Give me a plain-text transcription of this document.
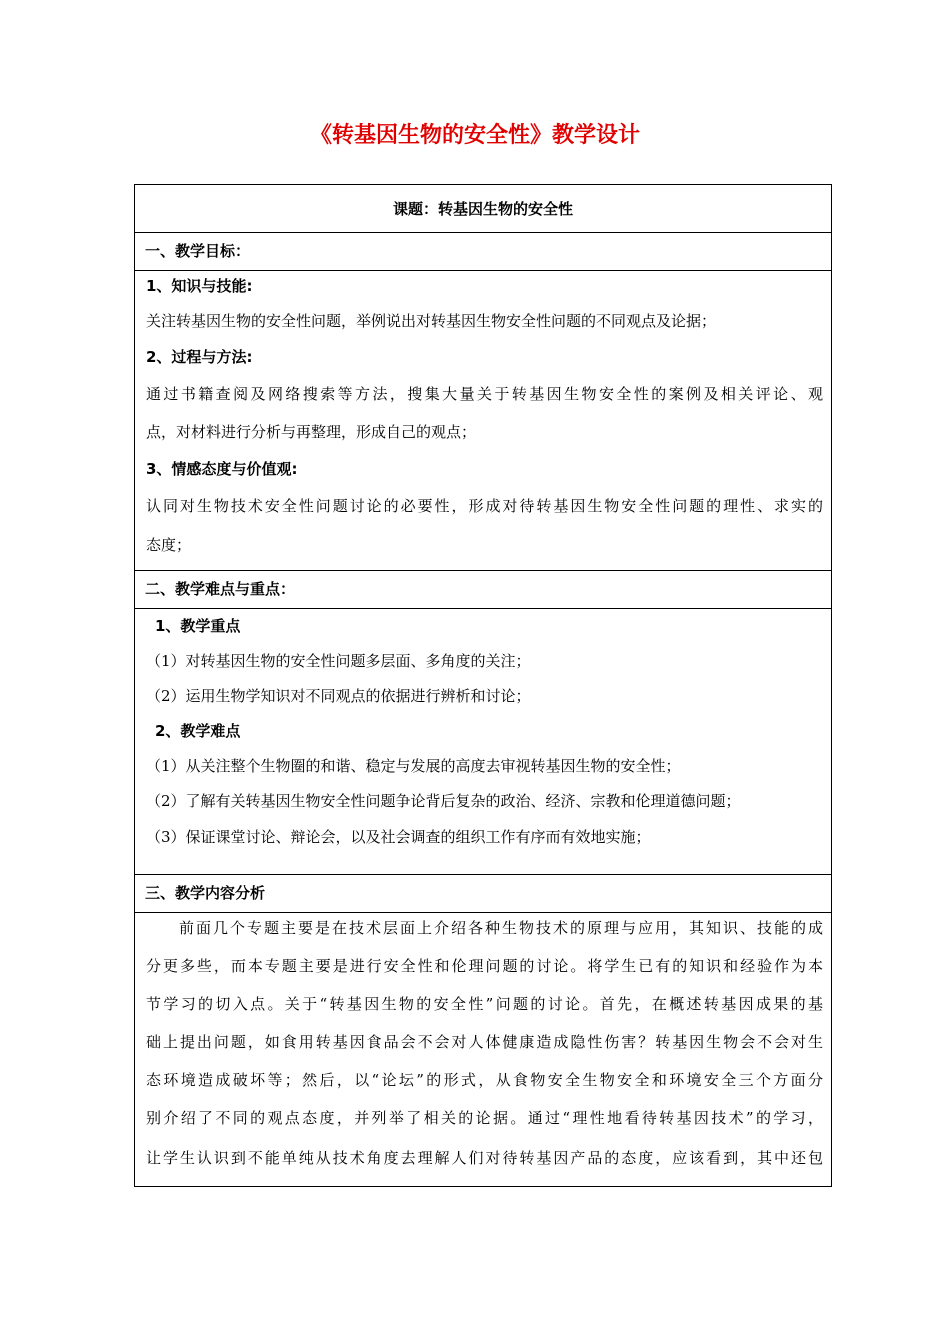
《转基因生物的安全性》教学设计
课题：转基因生物的安全性
一、教学目标：
1、知识与技能:
关注转基因生物的安全性问题，举例说出对转基因生物安全性问题的不同观点及论据；
2、过程与方法:
通过书籍查阅及网络搜索等方法，搜集大量关于转基因生物安全性的案例及相关评论、观
点，对材料进行分析与再整理，形成自己的观点；
3、情感态度与价值观:
认同对生物技术安全性问题讨论的必要性，形成对待转基因生物安全性问题的理性、求实的
态度；
二、教学难点与重点：
1、教学重点
（1）对转基因生物的安全性问题多层面、多角度的关注；
（2）运用生物学知识对不同观点的依据进行辨析和讨论；
2、教学难点
（1）从关注整个生物圈的和谐、稳定与发展的高度去审视转基因生物的安全性；
（2）了解有关转基因生物安全性问题争论背后复杂的政治、经济、宗教和伦理道德问题；
（3）保证课堂讨论、辩论会，以及社会调查的组织工作有序而有效地实施；
三、教学内容分析
前面几个专题主要是在技术层面上介绍各种生物技术的原理与应用，其知识、技能的成
分更多些，而本专题主要是进行安全性和伦理问题的讨论。将学生已有的知识和经验作为本
节学习的切入点。关于“转基因生物的安全性”问题的讨论。首先，在概述转基因成果的基
础上提出问题，如食用转基因食品会不会对人体健康造成隐性伤害？转基因生物会不会对生
态环境造成破坏等；然后，以“论坛”的形式，从食物安全生物安全和环境安全三个方面分
别介绍了不同的观点态度，并列举了相关的论据。通过“理性地看待转基因技术”的学习，
让学生认识到不能单纯从技术角度去理解人们对待转基因产品的态度，应该看到，其中还包
